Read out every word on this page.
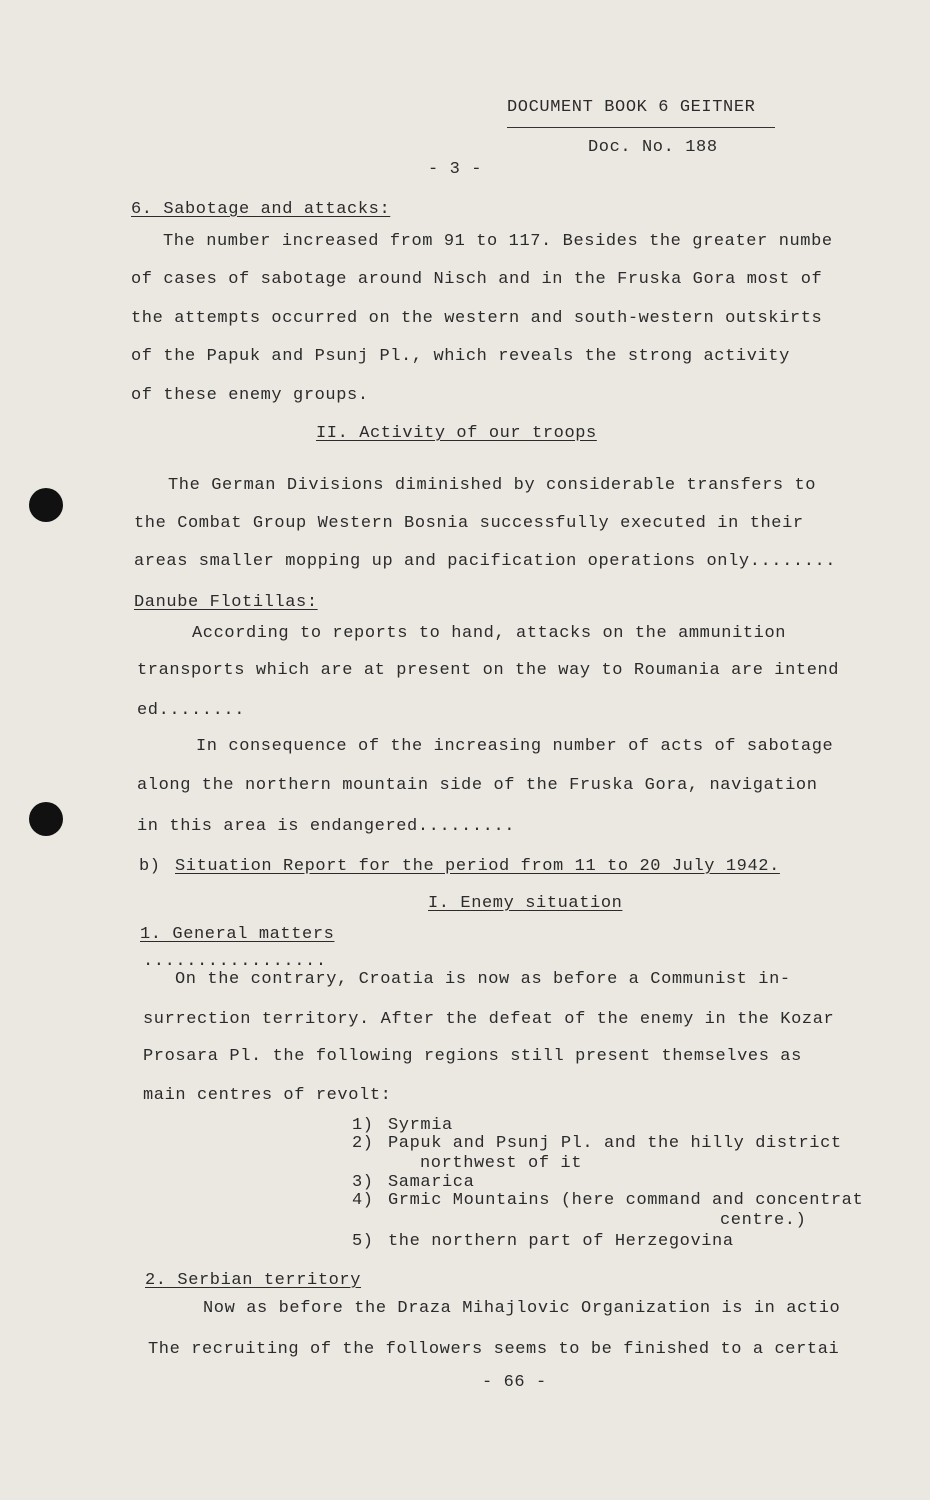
DOCUMENT BOOK 6 GEITNER
Doc. No. 188
- 3 -
6. Sabotage and attacks:
The number increased from 91 to 117. Besides the greater numbe
of cases of sabotage around Nisch and in the Fruska Gora most of
the attempts occurred on the western and south-western outskirts
of the Papuk and Psunj Pl., which reveals the strong activity
of these enemy groups.
II. Activity of our troops
The German Divisions diminished by considerable transfers to
the Combat Group Western Bosnia successfully executed in their
areas smaller mopping up and pacification operations only........
Danube Flotillas:
According to reports to hand, attacks on the ammunition
transports which are at present on the way to Roumania are intend
ed........
In consequence of the increasing number of acts of sabotage
along the northern mountain side of the Fruska Gora, navigation
in this area is endangered.........
b) Situation Report for the period from 11 to 20 July 1942.
I. Enemy situation
1. General matters
.................
On the contrary, Croatia is now as before a Communist in-
surrection territory. After the defeat of the enemy in the Kozar
Prosara Pl. the following regions still present themselves as
main centres of revolt:
1) Syrmia
2) Papuk and Psunj Pl. and the hilly district
northwest of it
3) Samarica
4) Grmic Mountains (here command and concentrat
centre.)
5) the northern part of Herzegovina
2. Serbian territory
Now as before the Draza Mihajlovic Organization is in actio
The recruiting of the followers seems to be finished to a certai
- 66 -
